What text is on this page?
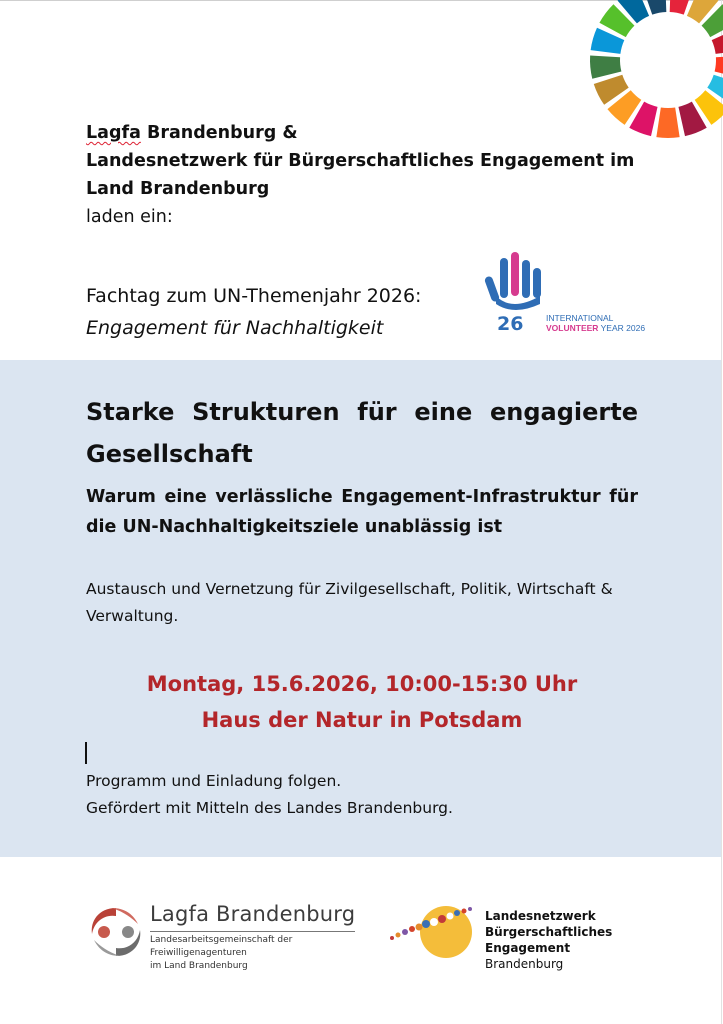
Lagfa Brandenburg &
Landesnetzwerk für Bürgerschaftliches Engagement im
Land Brandenburg
laden ein:
Fachtag zum UN-Themenjahr 2026:
Engagement für Nachhaltigkeit	26	INTERNATIONAL
VOLUNTEER YEAR 2026
Starke Strukturen für eine engagierte Gesellschaft
Warum eine verlässliche Engagement-Infrastruktur für die UN-Nachhaltigkeitsziele unablässig ist
Austausch und Vernetzung für Zivilgesellschaft, Politik, Wirtschaft & Verwaltung.
Montag, 15.6.2026, 10:00-15:30 Uhr
Haus der Natur in Potsdam
Programm und Einladung folgen.
Gefördert mit Mitteln des Landes Brandenburg.
Lagfa Brandenburg
Landesarbeitsgemeinschaft der Freiwilligenagenturen
im Land Brandenburg
Landesnetzwerk
Bürgerschaftliches
Engagement Brandenburg
